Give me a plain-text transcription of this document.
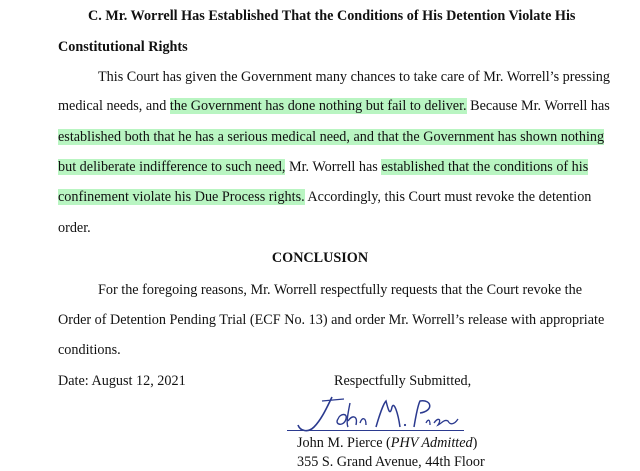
C. Mr. Worrell Has Established That the Conditions of His Detention Violate His
Constitutional Rights
This Court has given the Government many chances to take care of Mr. Worrell’s pressing
medical needs, and the Government has done nothing but fail to deliver. Because Mr. Worrell has
established both that he has a serious medical need, and that the Government has shown nothing
but deliberate indifference to such need, Mr. Worrell has established that the conditions of his
confinement violate his Due Process rights. Accordingly, this Court must revoke the detention
order.
CONCLUSION
For the foregoing reasons, Mr. Worrell respectfully requests that the Court revoke the
Order of Detention Pending Trial (ECF No. 13) and order Mr. Worrell’s release with appropriate
conditions.
Date: August 12, 2021	Respectfully Submitted,
John M. Pierce (PHV Admitted)
355 S. Grand Avenue, 44th Floor
